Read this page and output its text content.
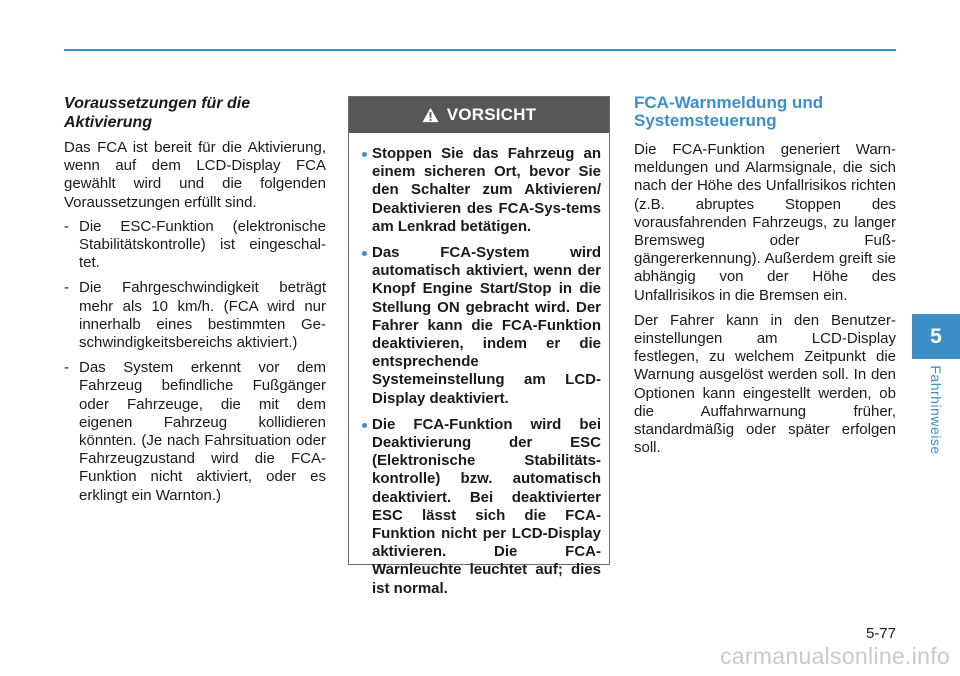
Voraussetzungen für die Aktivierung

Das FCA ist bereit für die Aktivierung, wenn auf dem LCD-Display FCA gewählt wird und die folgenden Voraussetzungen erfüllt sind.

- Die ESC-Funktion (elektronische Stabilitätskontrolle) ist eingeschal-tet.
- Die Fahrgeschwindigkeit beträgt mehr als 10 km/h. (FCA wird nur innerhalb eines bestimmten Ge-schwindigkeitsbereichs aktiviert.)
- Das System erkennt vor dem Fahrzeug befindliche Fußgänger oder Fahrzeuge, die mit dem eigenen Fahrzeug kollidieren könnten. (Je nach Fahrsituation oder Fahrzeugzustand wird die FCA-Funktion nicht aktiviert, oder es erklingt ein Warnton.)
VORSICHT
Stoppen Sie das Fahrzeug an einem sicheren Ort, bevor Sie den Schalter zum Aktivieren/ Deaktivieren des FCA-Sys-tems am Lenkrad betätigen.
Das FCA-System wird automatisch aktiviert, wenn der Knopf Engine Start/Stop in die Stellung ON gebracht wird. Der Fahrer kann die FCA-Funktion deaktivieren, indem er die entsprechende Systemeinstellung am LCD-Display deaktiviert.
Die FCA-Funktion wird bei Deaktivierung der ESC (Elektronische Stabilitäts-kontrolle) bzw. automatisch deaktiviert. Bei deaktivierter ESC lässt sich die FCA-Funktion nicht per LCD-Display aktivieren. Die FCA-Warnleuchte leuchtet auf; dies ist normal.
FCA-Warnmeldung und Systemsteuerung

Die FCA-Funktion generiert Warn-meldungen und Alarmsignale, die sich nach der Höhe des Unfallrisikos richten (z.B. abruptes Stoppen des vorausfahrenden Fahrzeugs, zu langer Bremsweg oder Fuß-gängererkennung). Außerdem greift sie abhängig von der Höhe des Unfallrisikos in die Bremsen ein.

Der Fahrer kann in den Benutzer-einstellungen am LCD-Display festlegen, zu welchem Zeitpunkt die Warnung ausgelöst werden soll. In den Optionen kann eingestellt werden, ob die Auffahrwarnung früher, standardmäßig oder später erfolgen soll.

5
Fahrhinweise
5-77
carmanualsonline.info
